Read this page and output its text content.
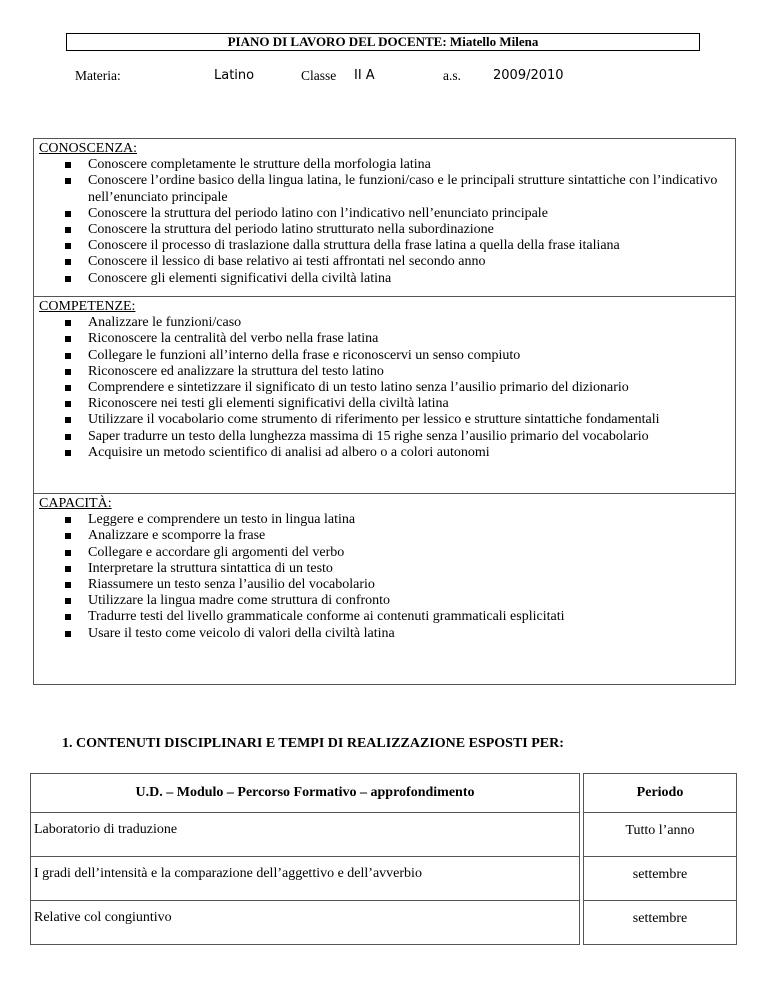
PIANO DI LAVORO DEL DOCENTE: Miatello Milena
Materia:	Latino	Classe II A	a.s. 2009/2010
CONOSCENZA:
Conoscere completamente le strutture della morfologia latina
Conoscere l’ordine basico della lingua latina, le funzioni/caso e le principali strutture sintattiche con l’indicativo nell’enunciato principale
Conoscere la struttura del periodo latino con l’indicativo nell’enunciato principale
Conoscere la struttura del periodo latino strutturato nella subordinazione
Conoscere il processo di traslazione dalla struttura della frase latina a quella della frase italiana
Conoscere il lessico di base relativo ai testi affrontati nel secondo anno
Conoscere gli elementi significativi della civiltà latina
COMPETENZE:
Analizzare le funzioni/caso
Riconoscere la centralità del verbo nella frase latina
Collegare le funzioni all’interno della frase e riconoscervi un senso compiuto
Riconoscere ed analizzare la struttura del testo latino
Comprendere e sintetizzare il significato di un testo latino senza l’ausilio primario del dizionario
Riconoscere nei testi gli elementi significativi della civiltà latina
Utilizzare il vocabolario come strumento di riferimento per lessico e strutture sintattiche fondamentali
Saper tradurre un testo della lunghezza massima di 15 righe senza l’ausilio primario del vocabolario
Acquisire un metodo scientifico di analisi ad albero o a colori autonomi
CAPACITÀ:
Leggere e comprendere un testo in lingua latina
Analizzare e scomporre la frase
Collegare e accordare gli argomenti del verbo
Interpretare la struttura sintattica di un testo
Riassumere un testo senza l’ausilio del vocabolario
Utilizzare la lingua madre come struttura di confronto
Tradurre testi del livello grammaticale conforme ai contenuti grammaticali esplicitati
Usare il testo come veicolo di valori della civiltà latina
1. CONTENUTI DISCIPLINARI E TEMPI DI REALIZZAZIONE ESPOSTI PER:
U.D. – Modulo – Percorso Formativo – approfondimento		Periodo
Laboratorio di traduzione		Tutto l’anno
I gradi dell’intensità e la comparazione dell’aggettivo e dell’avverbio		settembre
Relative col congiuntivo		settembre
